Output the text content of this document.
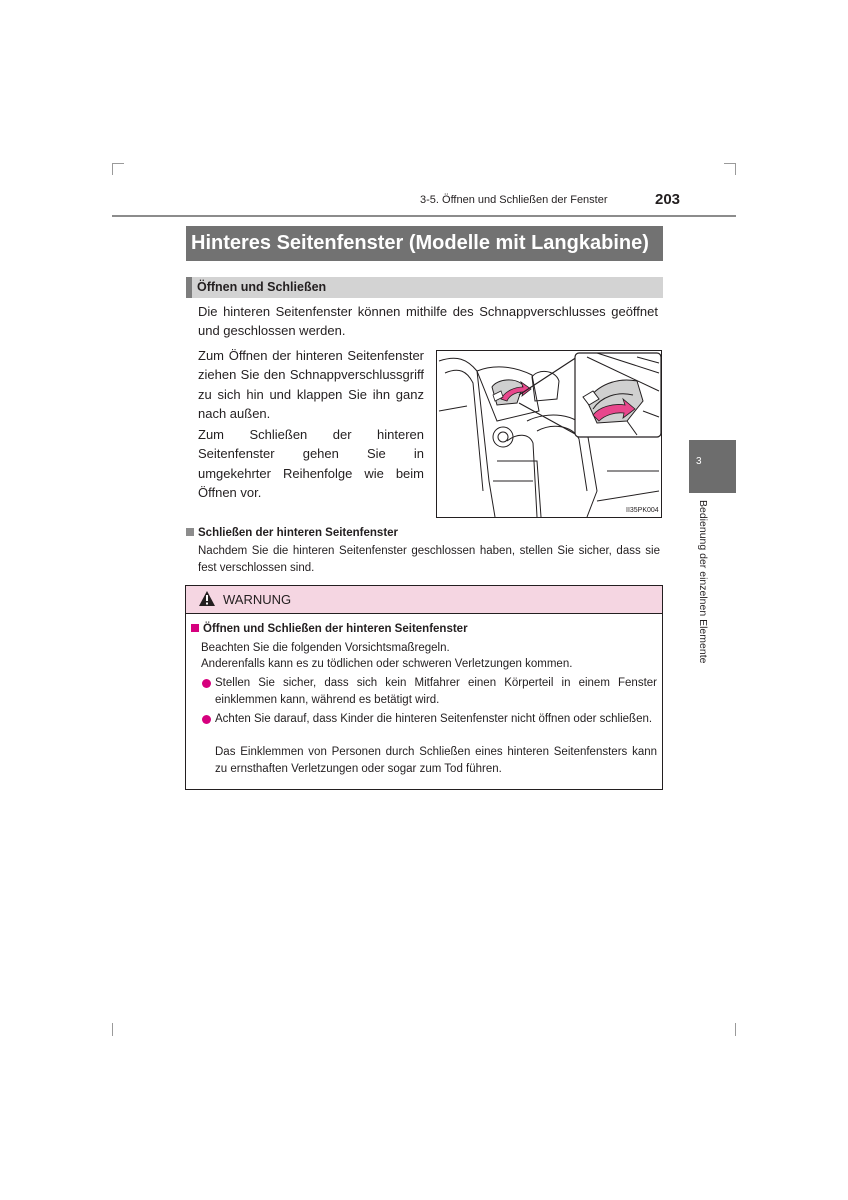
3-5. Öffnen und Schließen der Fenster	203
Hinteres Seitenfenster (Modelle mit Langkabine)
Öffnen und Schließen
Die hinteren Seitenfenster können mithilfe des Schnappverschlusses geöffnet und geschlossen werden.
Zum Öffnen der hinteren Seitenfenster ziehen Sie den Schnappverschlussgriff zu sich hin und klappen Sie ihn ganz nach außen.
Zum Schließen der hinteren Seitenfenster gehen Sie in umgekehrter Reihenfolge wie beim Öffnen vor.
II35PK004
Schließen der hinteren Seitenfenster
Nachdem Sie die hinteren Seitenfenster geschlossen haben, stellen Sie sicher, dass sie fest verschlossen sind.
WARNUNG
Öffnen und Schließen der hinteren Seitenfenster
Beachten Sie die folgenden Vorsichtsmaßregeln.
Anderenfalls kann es zu tödlichen oder schweren Verletzungen kommen.
Stellen Sie sicher, dass sich kein Mitfahrer einen Körperteil in einem Fenster einklemmen kann, während es betätigt wird.
Achten Sie darauf, dass Kinder die hinteren Seitenfenster nicht öffnen oder schließen.
Das Einklemmen von Personen durch Schließen eines hinteren Seitenfensters kann zu ernsthaften Verletzungen oder sogar zum Tod führen.
3
Bedienung der einzelnen Elemente
